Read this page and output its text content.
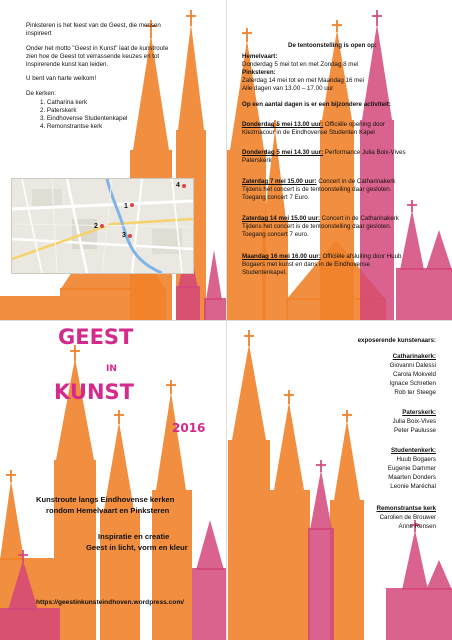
Pinksteren is het feest van de Geest, die mensen
inspireert
Onder het motto "Geest in Kunst" laat de kunstroute
zien hoe de Geest tot verrassende keuzes en tot
inspirerende kunst kan leiden.
U bent van harte welkom!
De kerken:
1. Catharina kerk
2. Paterskerk
3. Eindhovense Studentenkapel
4. Remonstrantse kerk
1
2
3
4
De tentoonstelling is open op:
Hemelvaart:
Donderdag 5 mei tot en met Zondag 8 mei
Pinksteren:
Zaterdag 14 mei tot en met Maandag 16 mei
Alle dagen van 13.00 – 17.00 uur
Op een aantal dagen is er een bijzondere activiteit:
Donderdag 5 mei 13.00 uur: Officiële opening door
Klezmacour in de Eindhovense Studenten Kapel
Donderdag 5 mei 14.30 uur: Performance Julia Boix-Vives
Paterskerk
Zaterdag 7 mei 15.00 uur: Concert in de Catharinakerk
Tijdens het concert is de tentoonstelling daar gesloten.
Toegang concert 7 Euro.
Zaterdag 14 mei 15.00 uur: Concert in de Catharinakerk
Tijdens het concert is de tentoonstelling daar gesloten.
Toegang concert 7 euro.
Maandag 16 mei 16.00 uur: Officiële afsluiting door Huub
Bogaers met kunst en dans in de Eindhovense
Studentenkapel.
GEEST
IN
KUNST
2016
Kunstroute langs Eindhovense kerken
rondom Hemelvaart en Pinksteren
Inspiratie en creatie
Geest in licht, vorm en kleur
https://geestinkunsteindhoven.wordpress.com/
exposerende kunstenaars:
Catharinakerk:
Giovanni Dalessi
Carola Mokveld
Ignace Schretlen
Rob ter Steege
Paterskerk:
Julia Boix-Vives
Peter Paulusse
Studentenkerk:
Huub Bogaers
Eugenie Dammer
Maarten Donders
Leonie Maréchal
Remonstrantse kerk
Carolien de Brouwer
Anne Rensen
